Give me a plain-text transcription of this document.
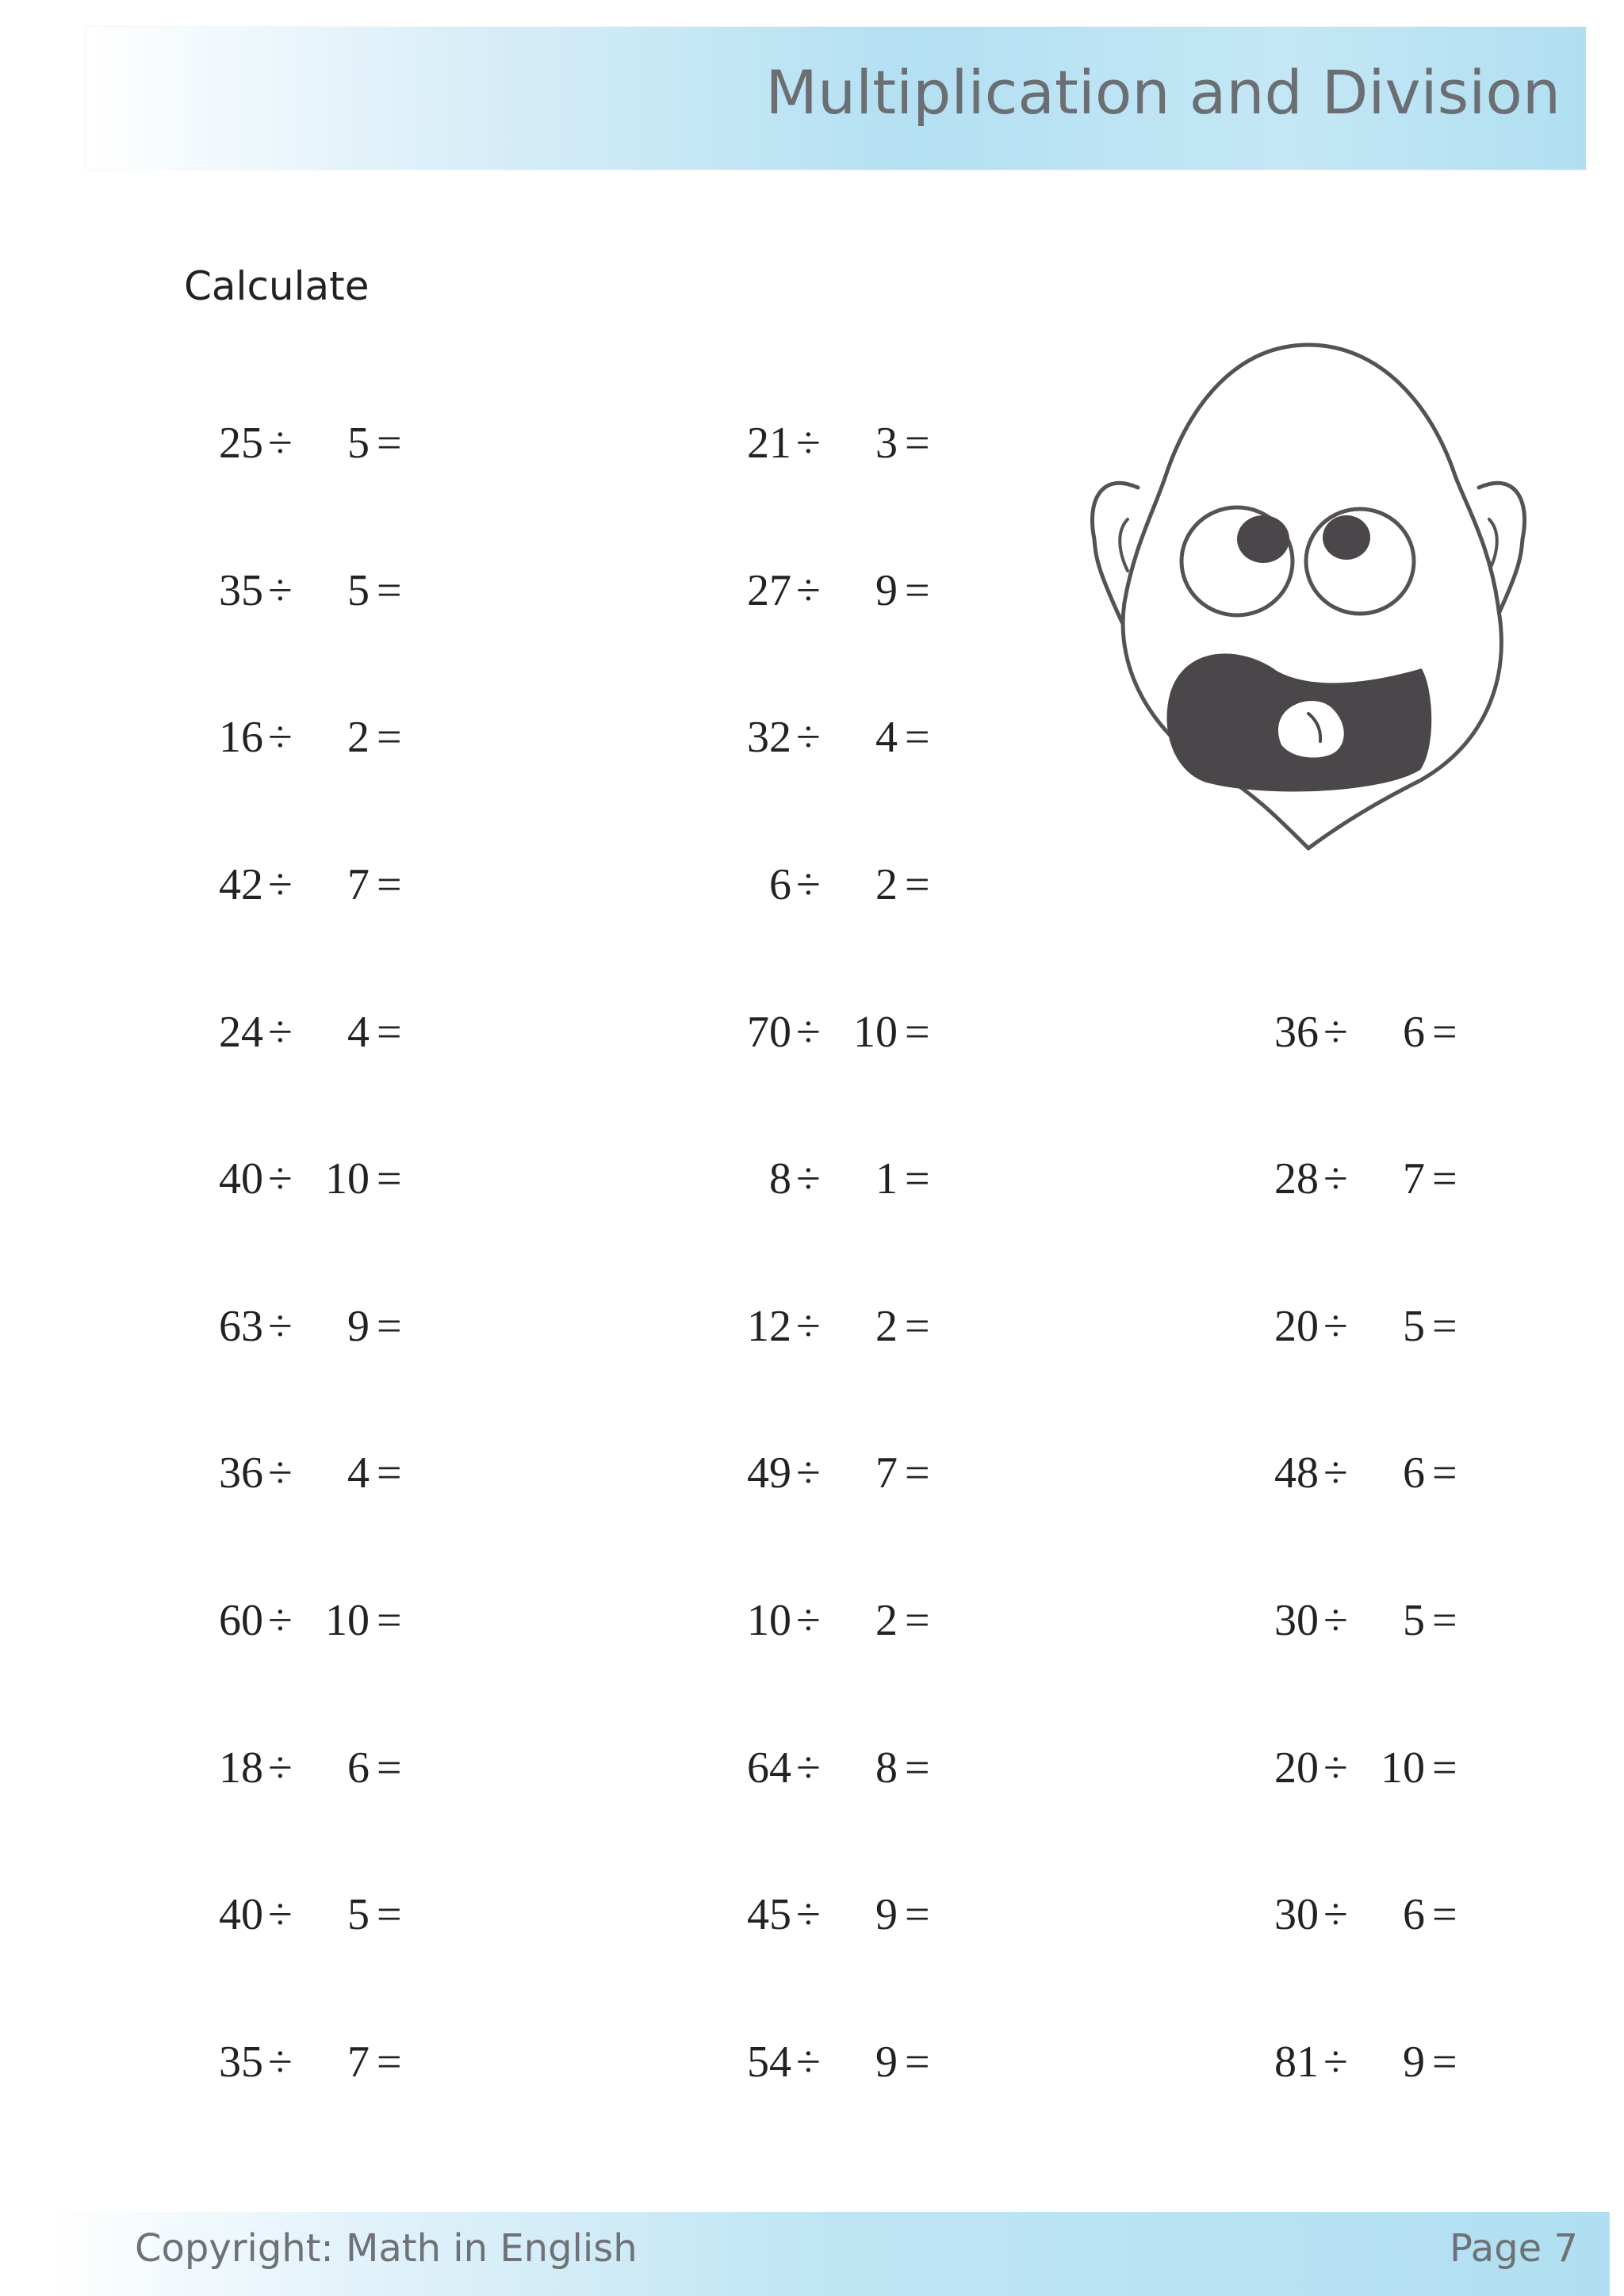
Multiplication and Division
Calculate
25 ÷	5 =
35 ÷	5 =
16 ÷	2 =
42 ÷	7 =
24 ÷	4 =
40 ÷ 10 =
63 ÷	9 =
36 ÷	4 =
60 ÷ 10 =
18 ÷	6 =
40 ÷	5 =
35 ÷	7 =
21 ÷	3 =
27 ÷	9 =
32 ÷	4 =
6 ÷	2 =
70 ÷ 10 =
8 ÷	1 =
12 ÷	2 =
49 ÷	7 =
10 ÷	2 =
64 ÷	8 =
45 ÷	9 =
54 ÷	9 =
36 ÷	6 =
28 ÷	7 =
20 ÷	5 =
48 ÷	6 =
30 ÷	5 =
20 ÷ 10 =
30 ÷	6 =
81 ÷	9 =
Copyright: Math in English	Page 7
